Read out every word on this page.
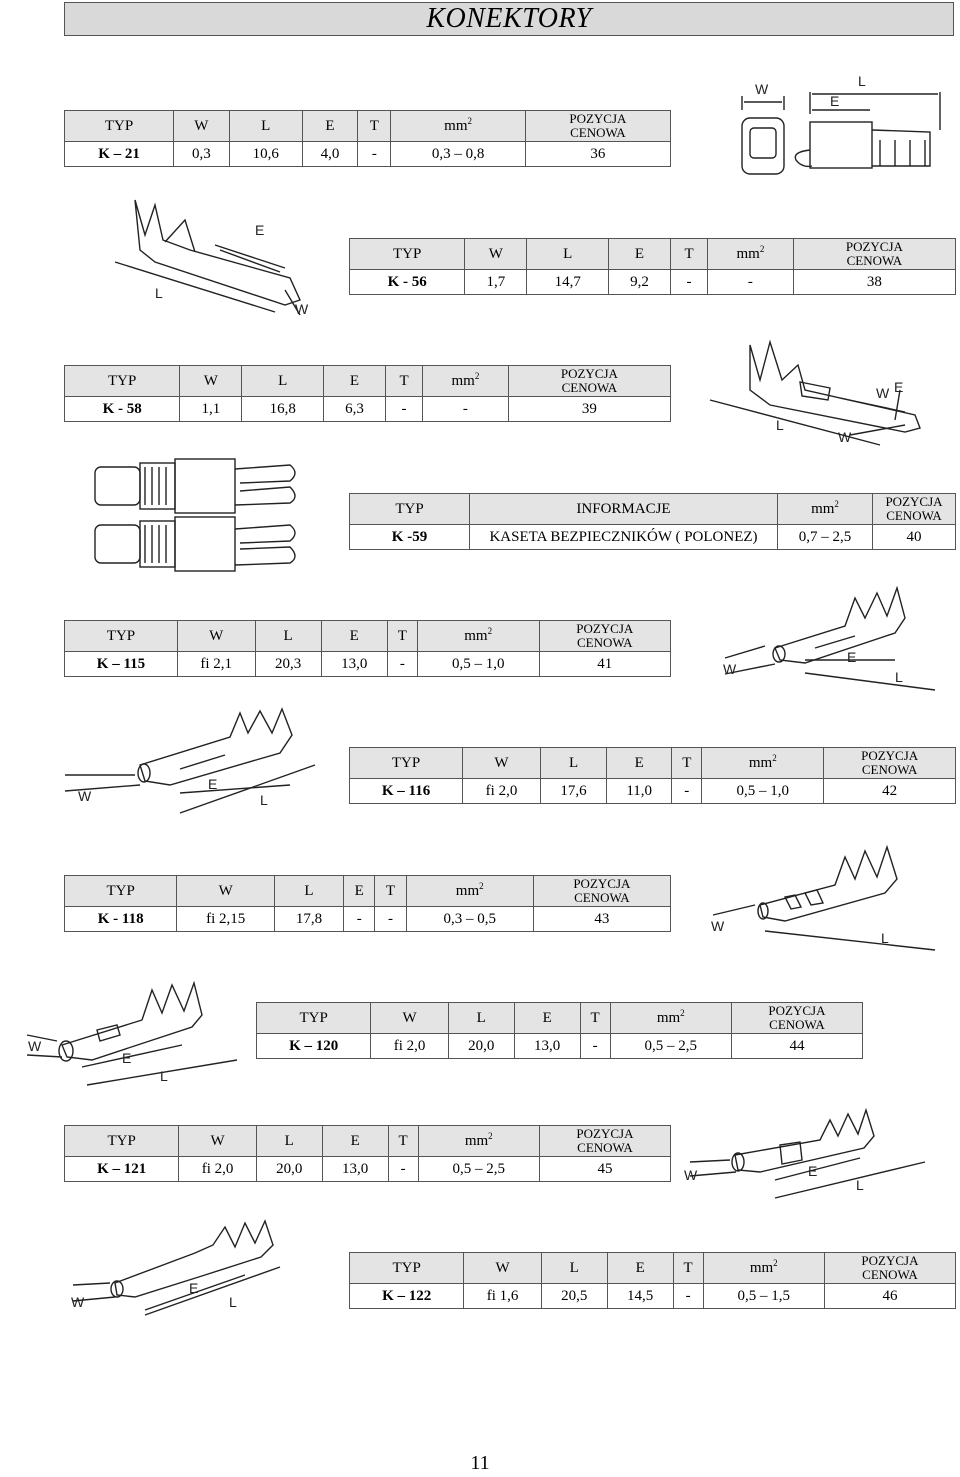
KONEKTORY
TYP	W	L	E	T	$mm^2$	POZYCJA
CENOWA
K – 21	0,3	10,6	4,0	-	0,3 – 0,8	36
W	L
E
E
L
W
TYP	W	L	E	T	$mm^2$	POZYCJA
CENOWA
K - 56	1,7	14,7	9,2	-	-	38
TYP	W	L	E	T	$mm^2$	POZYCJA
CENOWA
K - 58	1,1	16,8	6,3	-	-	39
L
W E
W
TYP	INFORMACJE	$mm^2$	POZYCJA
CENOWA
K -59	KASETA BEZPIECZNIKÓW ( POLONEZ)	0,7 – 2,5	40
TYP	W	L	E	T	$mm^2$	POZYCJA
CENOWA
K – 115	fi 2,1	20,3	13,0	-	0,5 – 1,0	41	W
E
L
W
E
L
TYP	W	L	E	T	$mm^2$	POZYCJA
CENOWA
K – 116	fi 2,0	17,6	11,0	-	0,5 – 1,0	42
TYP	W	L	E	T	$mm^2$	POZYCJA
CENOWA
K - 118	fi 2,15	17,8	-	-	0,3 – 0,5	43	W
L
W
E
L
TYP	W	L	E	T	$mm^2$	POZYCJA
CENOWA
K – 120	fi 2,0	20,0	13,0	-	0,5 – 2,5	44
TYP	W	L	E	T	$mm^2$	POZYCJA
CENOWA
K – 121	fi 2,0	20,0	13,0	-	0,5 – 2,5	45	W	E
L
W
E
L
TYP	W	L	E	T	$mm^2$	POZYCJA
CENOWA
K – 122	fi 1,6	20,5	14,5	-	0,5 – 1,5	46
11
